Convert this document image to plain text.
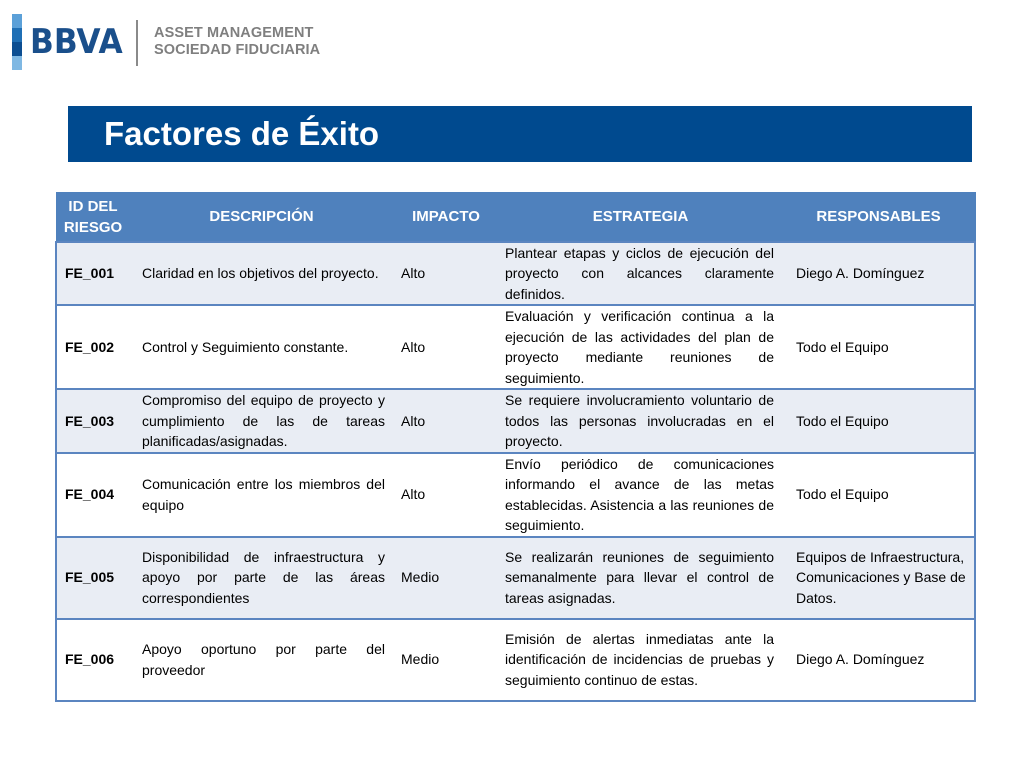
BBVA ASSET MANAGEMENT
SOCIEDAD FIDUCIARIA
Factores de Éxito
ID DEL RIESGO	DESCRIPCIÓN	IMPACTO	ESTRATEGIA	RESPONSABLES
FE_001	Claridad en los objetivos del proyecto.	Alto	Plantear etapas y ciclos de ejecución del proyecto con alcances claramente definidos.	Diego A. Domínguez
FE_002	Control y Seguimiento constante.	Alto	Evaluación y verificación continua a la ejecución de las actividades del plan de proyecto mediante reuniones de seguimiento.	Todo el Equipo
FE_003	Compromiso del equipo de proyecto y cumplimiento de las de tareas planificadas/asignadas.	Alto	Se requiere involucramiento voluntario de todos las personas involucradas en el proyecto.	Todo el Equipo
FE_004	Comunicación entre los miembros del equipo	Alto	Envío periódico de comunicaciones informando el avance de las metas establecidas. Asistencia a las reuniones de seguimiento.	Todo el Equipo
FE_005	Disponibilidad de infraestructura y apoyo por parte de las áreas correspondientes	Medio	Se realizarán reuniones de seguimiento semanalmente para llevar el control de tareas asignadas.	Equipos de Infraestructura, Comunicaciones y Base de Datos.
FE_006	Apoyo oportuno por parte del proveedor	Medio	Emisión de alertas inmediatas ante la identificación de incidencias de pruebas y seguimiento continuo de estas.	Diego A. Domínguez
